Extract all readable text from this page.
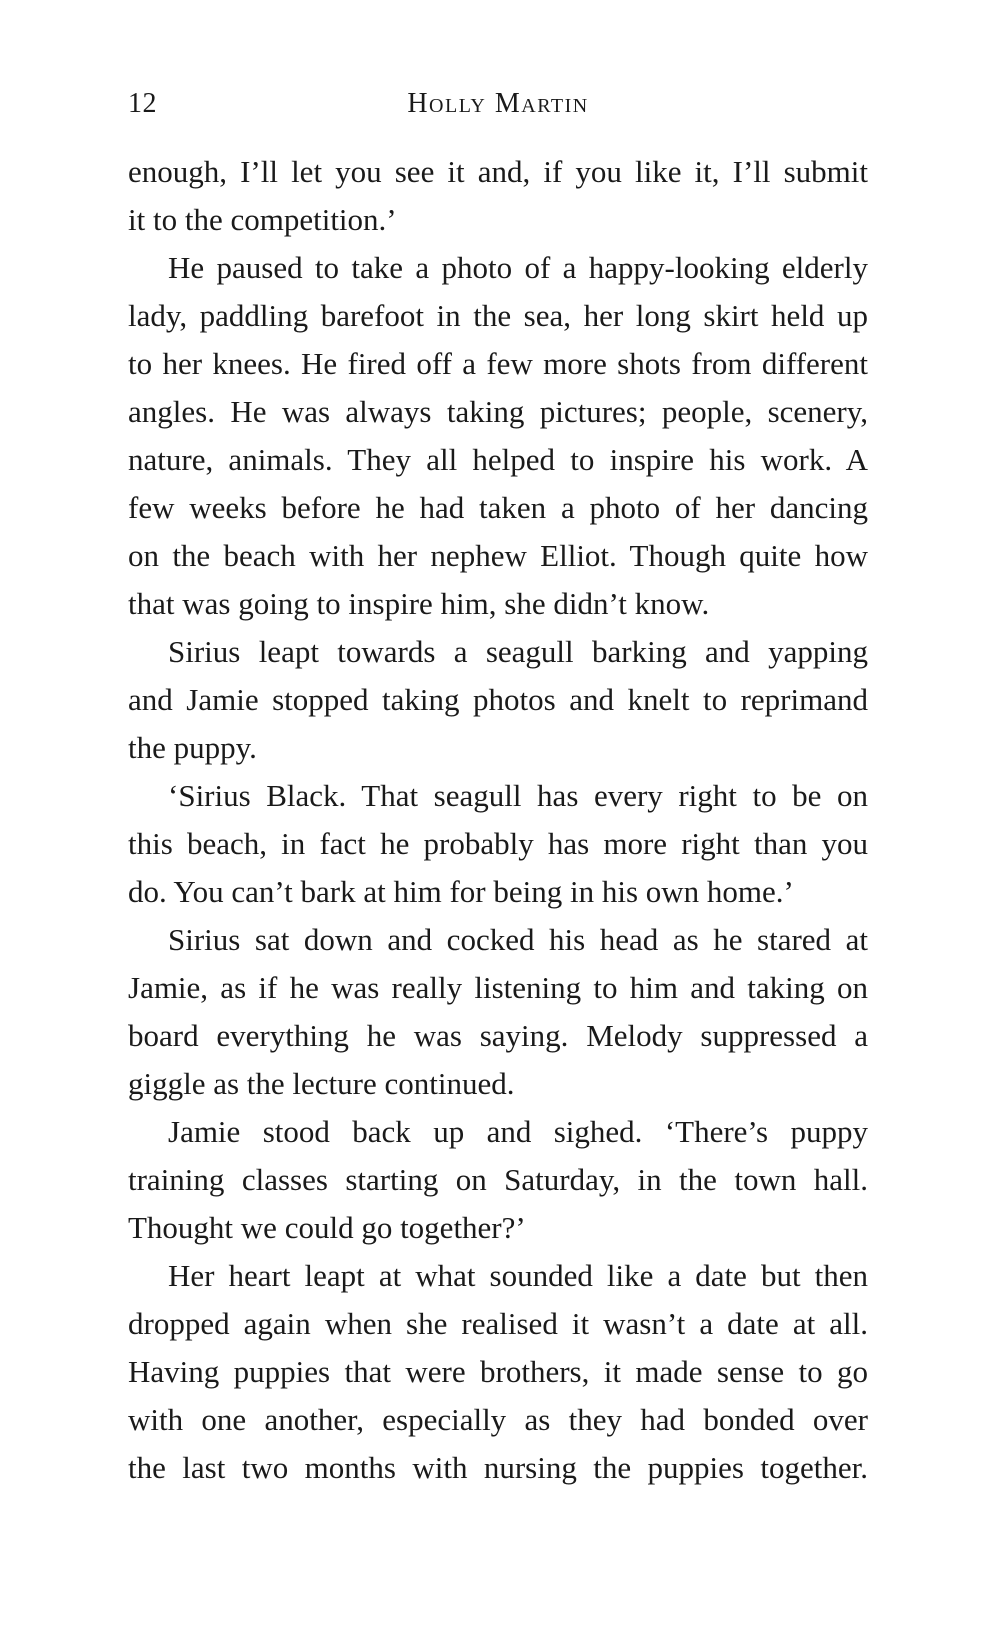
12	Holly Martin
enough, I’ll let you see it and, if you like it, I’ll submit
it to the competition.’
He paused to take a photo of a happy-looking elderly
lady, paddling barefoot in the sea, her long skirt held up
to her knees. He fired off a few more shots from different
angles. He was always taking pictures; people, scenery,
nature, animals. They all helped to inspire his work. A
few weeks before he had taken a photo of her dancing
on the beach with her nephew Elliot. Though quite how
that was going to inspire him, she didn’t know.
Sirius leapt towards a seagull barking and yapping
and Jamie stopped taking photos and knelt to reprimand
the puppy.
‘Sirius Black. That seagull has every right to be on
this beach, in fact he probably has more right than you
do. You can’t bark at him for being in his own home.’
Sirius sat down and cocked his head as he stared at
Jamie, as if he was really listening to him and taking on
board everything he was saying. Melody suppressed a
giggle as the lecture continued.
Jamie stood back up and sighed. ‘There’s puppy
training classes starting on Saturday, in the town hall.
Thought we could go together?’
Her heart leapt at what sounded like a date but then
dropped again when she realised it wasn’t a date at all.
Having puppies that were brothers, it made sense to go
with one another, especially as they had bonded over
the last two months with nursing the puppies together.
